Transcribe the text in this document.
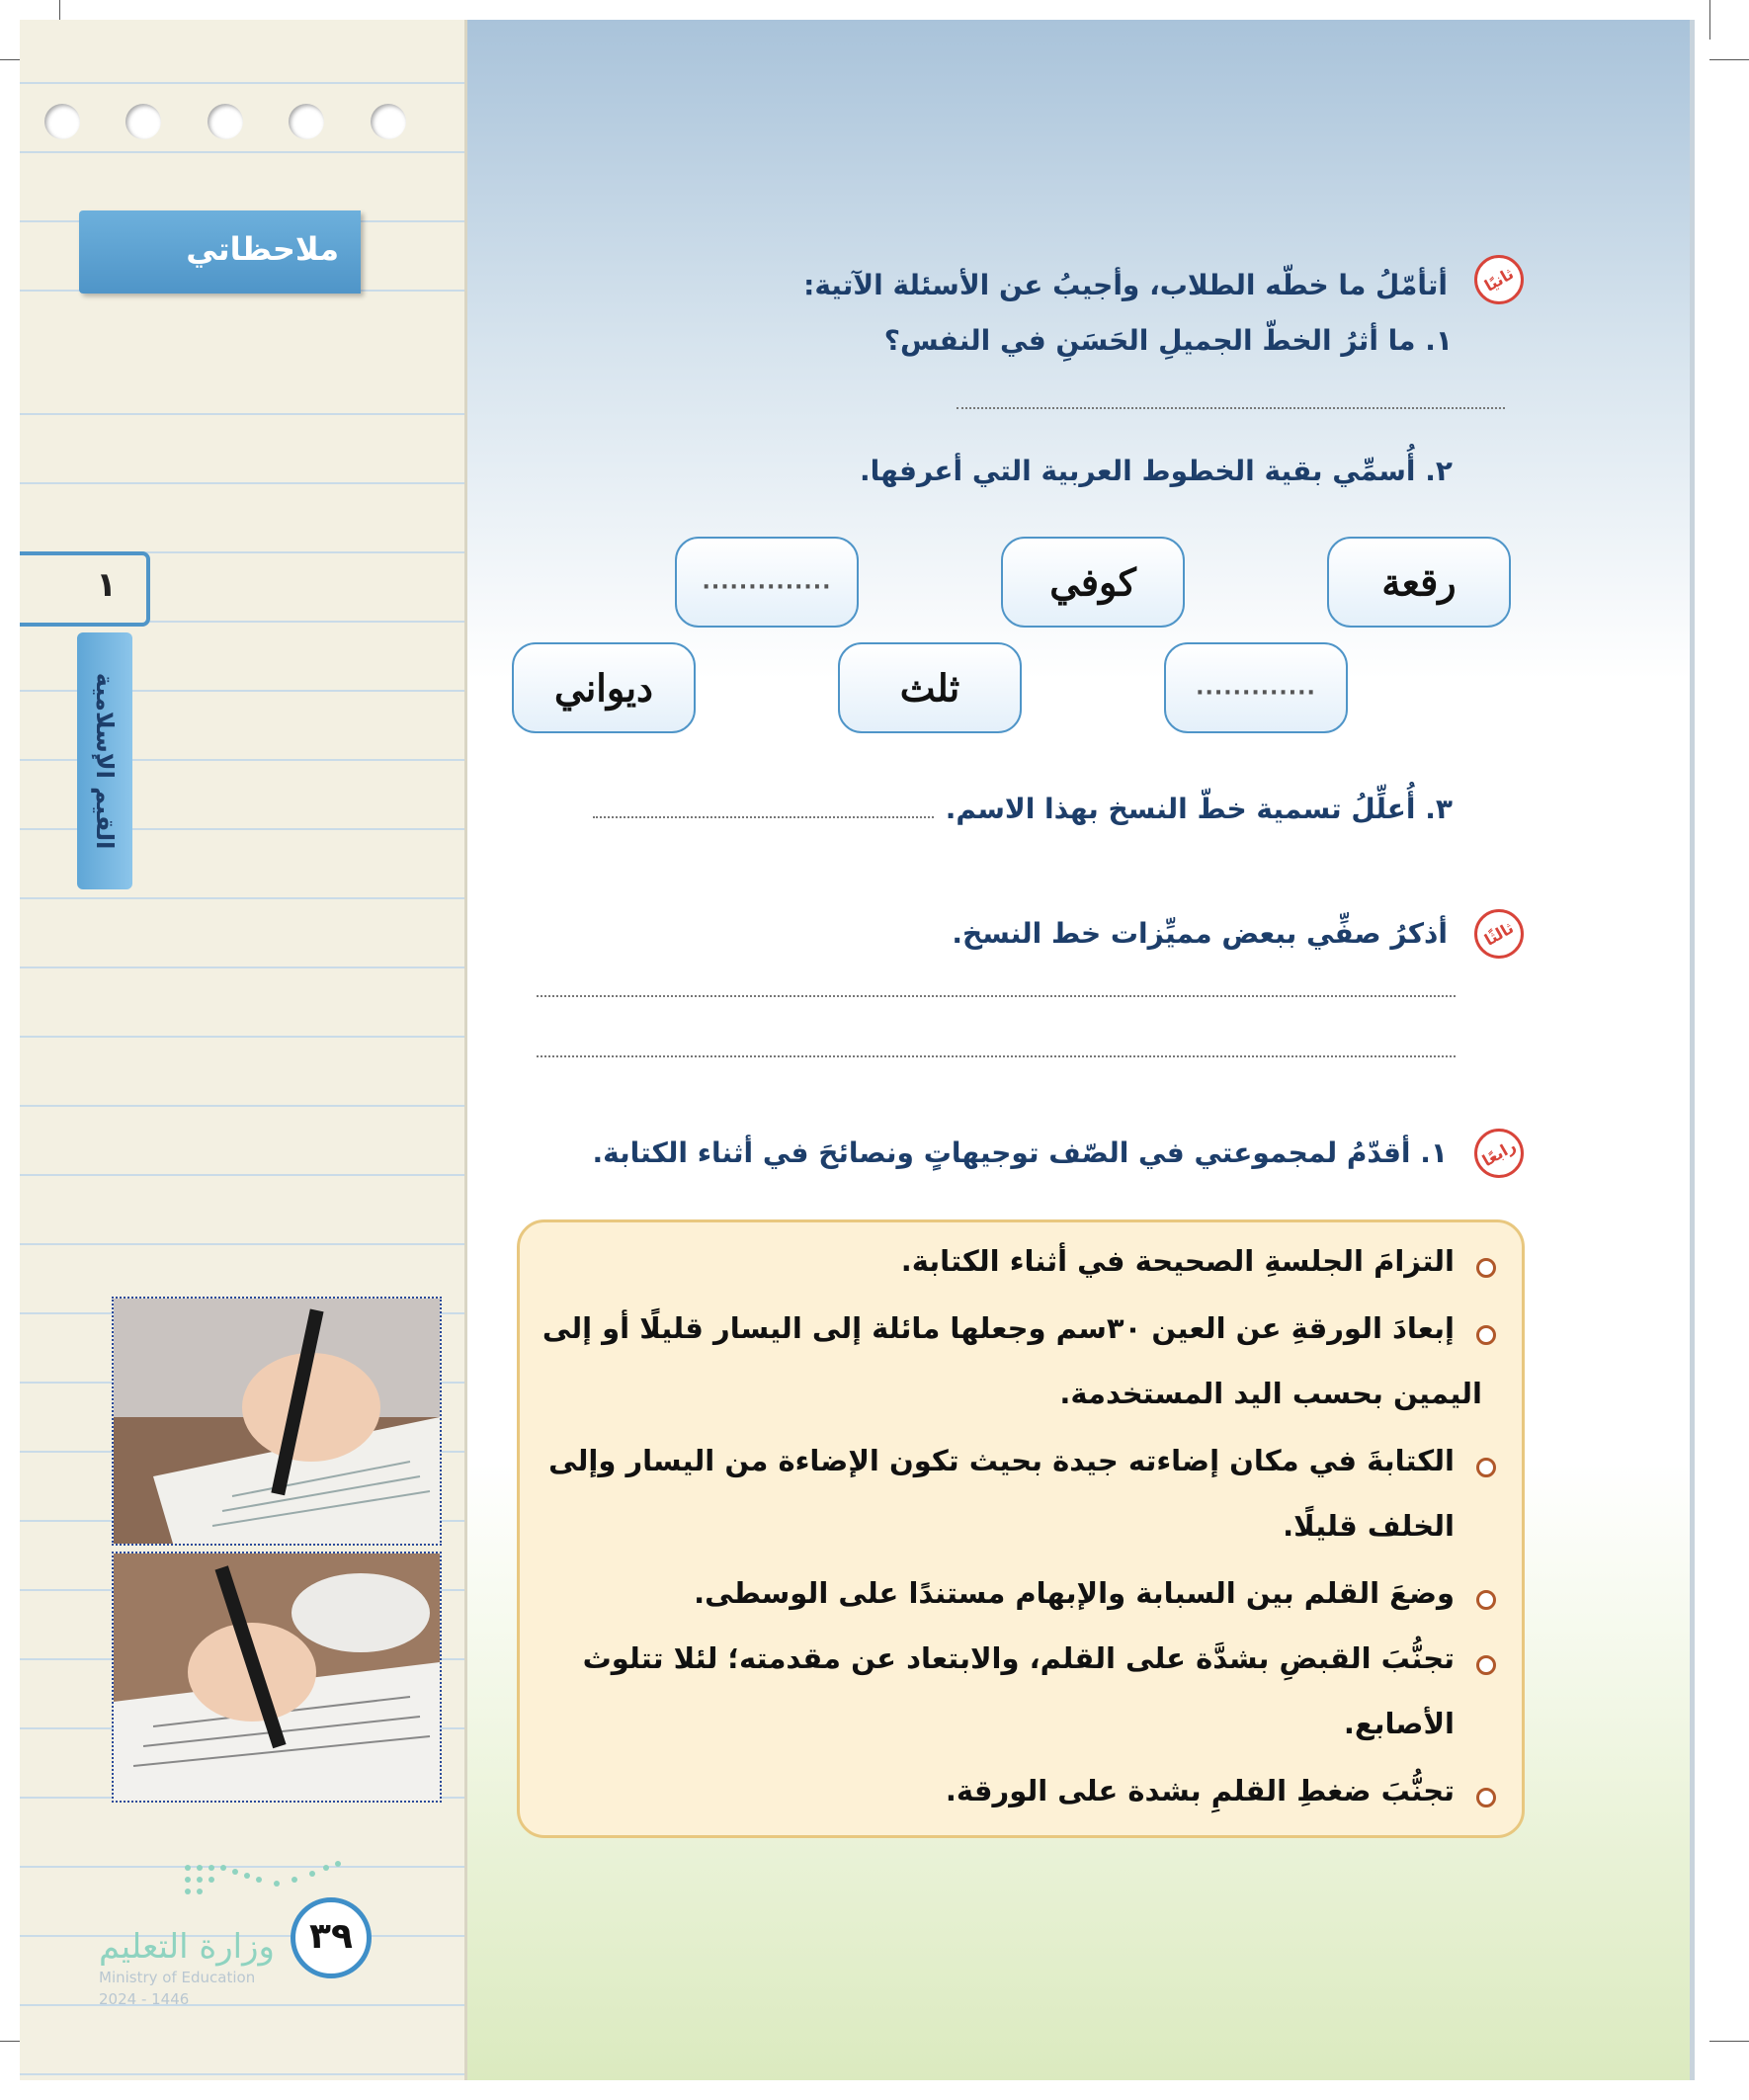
ملاحظاتي
١
القيم الإسلامية
ثانيًا
أتأمّلُ ما خطّه الطلاب، وأجيبُ عن الأسئلة الآتية:
١. ما أثرُ الخطّ الجميلِ الحَسَنِ في النفس؟
٢. أُسمِّي بقية الخطوط العربية التي أعرفها.
رقعة
كوفي
..............
.............
ثلث
ديواني
٣. أُعلِّلُ تسمية خطّ النسخ بهذا الاسم.
ثالثًا
أذكرُ صفِّي ببعض مميِّزات خط النسخ.
رابعًا
١. أقدّمُ لمجموعتي في الصّف توجيهاتٍ ونصائحَ في أثناء الكتابة.
التزامَ الجلسةِ الصحيحة في أثناء الكتابة.
إبعادَ الورقةِ عن العين ٣٠سم وجعلها مائلة إلى اليسار قليلًا أو إلى
اليمين بحسب اليد المستخدمة.
الكتابةَ في مكان إضاءته جيدة بحيث تكون الإضاءة من اليسار وإلى
الخلف قليلًا.
وضعَ القلم بين السبابة والإبهام مستندًا على الوسطى.
تجنُّبَ القبضِ بشدَّة على القلم، والابتعاد عن مقدمته؛ لئلا تتلوث
الأصابع.
تجنُّبَ ضغطِ القلمِ بشدة على الورقة.
وزارة التعليم
Ministry of Education
2024 - 1446
٣٩
